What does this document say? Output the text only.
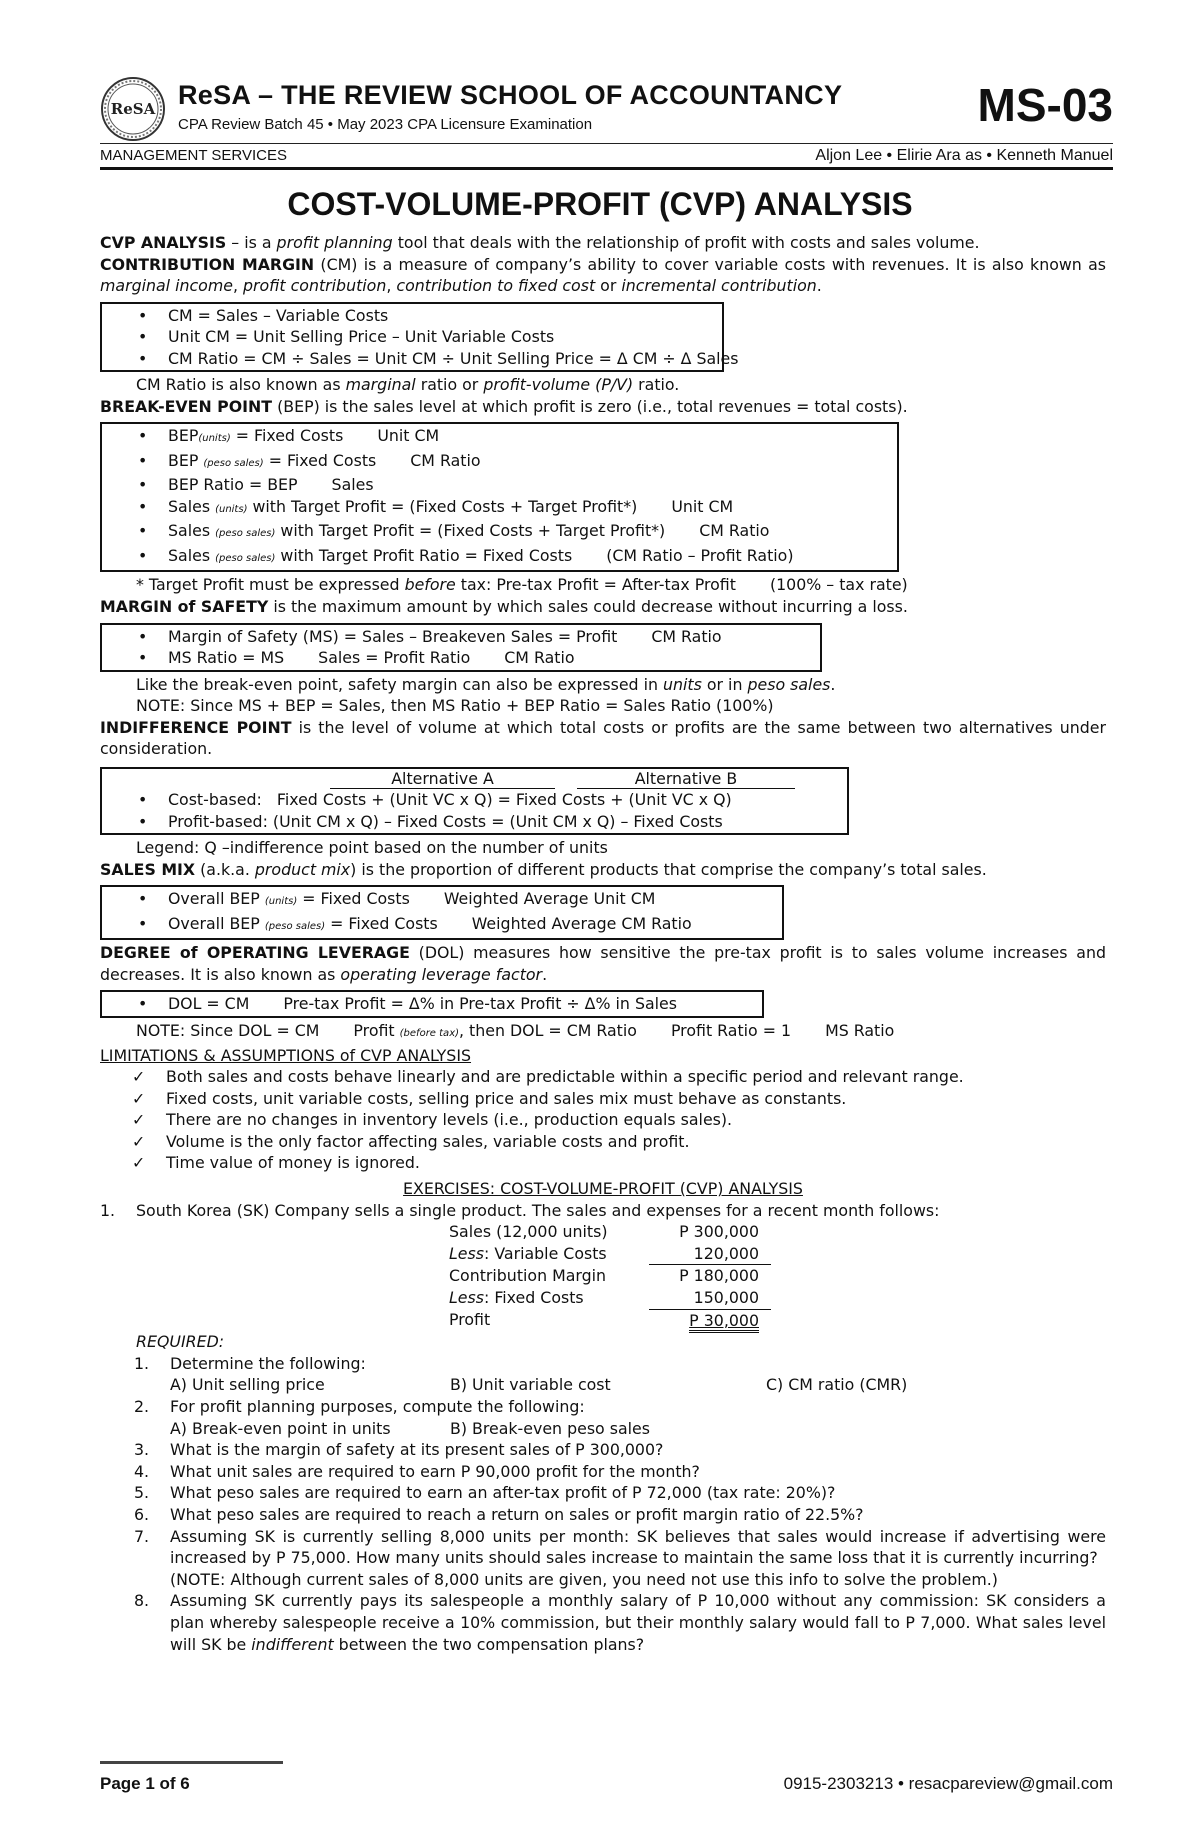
ReSA ReSA – THE REVIEW SCHOOL OF ACCOUNTANCY
CPA Review Batch 45 • May 2023 CPA Licensure Examination	MS-03
MANAGEMENT SERVICES	Aljon Lee • Elirie Ara as • Kenneth Manuel
COST-VOLUME-PROFIT (CVP) ANALYSIS

CVP ANALYSIS – is a profit planning tool that deals with the relationship of profit with costs and sales volume.

CONTRIBUTION MARGIN (CM) is a measure of company’s ability to cover variable costs with revenues. It is also known as marginal income, profit contribution, contribution to fixed cost or incremental contribution.

• CM = Sales – Variable Costs
• Unit CM = Unit Selling Price – Unit Variable Costs
• CM Ratio = CM ÷ Sales = Unit CM ÷ Unit Selling Price = Δ CM ÷ Δ Sales

CM Ratio is also known as marginal ratio or profit-volume (P/V) ratio.

BREAK-EVEN POINT (BEP) is the sales level at which profit is zero (i.e., total revenues = total costs).

• BEP(units) = Fixed Costs Unit CM
• BEP (peso sales) = Fixed Costs CM Ratio
• BEP Ratio = BEP Sales
• Sales (units) with Target Profit = (Fixed Costs + Target Profit*) Unit CM
• Sales (peso sales) with Target Profit = (Fixed Costs + Target Profit*) CM Ratio
• Sales (peso sales) with Target Profit Ratio = Fixed Costs (CM Ratio – Profit Ratio)

* Target Profit must be expressed before tax: Pre-tax Profit = After-tax Profit (100% – tax rate)

MARGIN of SAFETY is the maximum amount by which sales could decrease without incurring a loss.

• Margin of Safety (MS) = Sales – Breakeven Sales = Profit CM Ratio
• MS Ratio = MS Sales = Profit Ratio CM Ratio

Like the break-even point, safety margin can also be expressed in units or in peso sales.

NOTE: Since MS + BEP = Sales, then MS Ratio + BEP Ratio = Sales Ratio (100%)

INDIFFERENCE POINT is the level of volume at which total costs or profits are the same between two alternatives under consideration.

Alternative A	Alternative B
• Cost-based:   Fixed Costs + (Unit VC x Q) = Fixed Costs + (Unit VC x Q)
• Profit-based: (Unit CM x Q) – Fixed Costs = (Unit CM x Q) – Fixed Costs

Legend: Q –indifference point based on the number of units

SALES MIX (a.k.a. product mix) is the proportion of different products that comprise the company’s total sales.

• Overall BEP (units) = Fixed Costs Weighted Average Unit CM
• Overall BEP (peso sales) = Fixed Costs Weighted Average CM Ratio

DEGREE of OPERATING LEVERAGE (DOL) measures how sensitive the pre-tax profit is to sales volume increases and decreases. It is also known as operating leverage factor.

• DOL = CM Pre-tax Profit = Δ% in Pre-tax Profit ÷ Δ% in Sales

NOTE: Since DOL = CM Profit (before tax), then DOL = CM Ratio Profit Ratio = 1 MS Ratio

LIMITATIONS & ASSUMPTIONS of CVP ANALYSIS

✓ Both sales and costs behave linearly and are predictable within a specific period and relevant range.
✓ Fixed costs, unit variable costs, selling price and sales mix must behave as constants.
✓ There are no changes in inventory levels (i.e., production equals sales).
✓ Volume is the only factor affecting sales, variable costs and profit.
✓ Time value of money is ignored.

EXERCISES: COST-VOLUME-PROFIT (CVP) ANALYSIS

1. South Korea (SK) Company sells a single product. The sales and expenses for a recent month follows:

Sales (12,000 units)	P 300,000
Less: Variable Costs	120,000
Contribution Margin	P 180,000
Less: Fixed Costs	150,000
Profit	P 30,000

REQUIRED:

1. Determine the following:
A) Unit selling price	B) Unit variable cost	C) CM ratio (CMR)
2. For profit planning purposes, compute the following:
A) Break-even point in units	B) Break-even peso sales
3. What is the margin of safety at its present sales of P 300,000?
4. What unit sales are required to earn P 90,000 profit for the month?
5. What peso sales are required to earn an after-tax profit of P 72,000 (tax rate: 20%)?
6. What peso sales are required to reach a return on sales or profit margin ratio of 22.5%?
7. Assuming SK is currently selling 8,000 units per month: SK believes that sales would increase if advertising were increased by P 75,000. How many units should sales increase to maintain the same loss that it is currently incurring?
(NOTE: Although current sales of 8,000 units are given, you need not use this info to solve the problem.)
8. Assuming SK currently pays its salespeople a monthly salary of P 10,000 without any commission: SK considers a plan whereby salespeople receive a 10% commission, but their monthly salary would fall to P 7,000. What sales level will SK be indifferent between the two compensation plans?
Page 1 of 6	0915-2303213 • resacpareview@gmail.com
